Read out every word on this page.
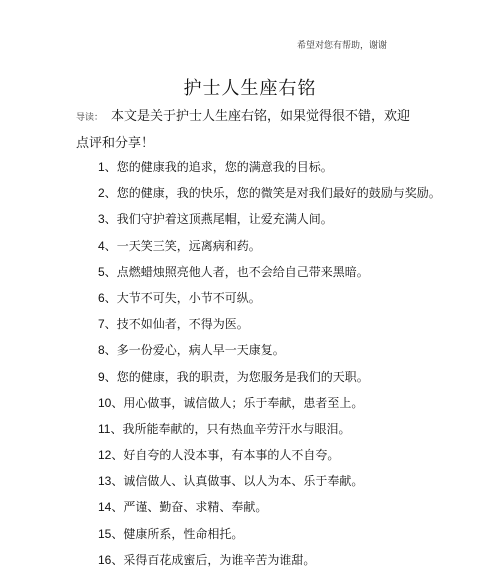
希望对您有帮助，谢谢
护士人生座右铭
导读： 本文是关于护士人生座右铭，如果觉得很不错，欢迎点评和分享！
1、您的健康我的追求，您的满意我的目标。
2、您的健康，我的快乐，您的微笑是对我们最好的鼓励与奖励。
3、我们守护着这顶燕尾帽，让爱充满人间。
4、一天笑三笑，远离病和药。
5、点燃蜡烛照亮他人者，也不会给自己带来黑暗。
6、大节不可失，小节不可纵。
7、技不如仙者，不得为医。
8、多一份爱心，病人早一天康复。
9、您的健康，我的职责，为您服务是我们的天职。
10、用心做事，诚信做人；乐于奉献，患者至上。
11、我所能奉献的，只有热血辛劳汗水与眼泪。
12、好自夸的人没本事，有本事的人不自夸。
13、诚信做人、认真做事、以人为本、乐于奉献。
14、严谨、勤奋、求精、奉献。
15、健康所系，性命相托。
16、采得百花成蜜后，为谁辛苦为谁甜。
